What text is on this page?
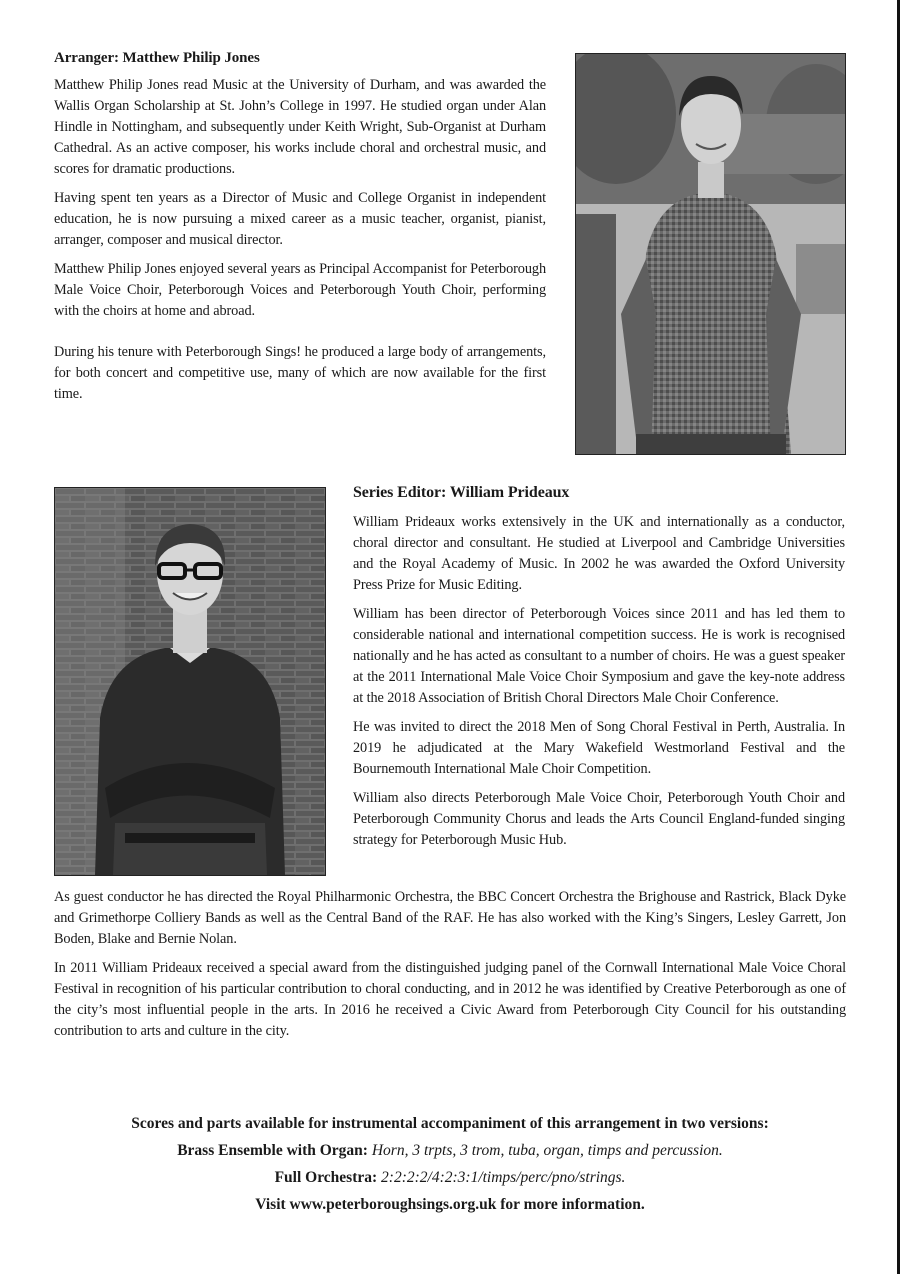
Arranger: Matthew Philip Jones

Matthew Philip Jones read Music at the University of Durham, and was awarded the Wallis Organ Scholarship at St. John’s College in 1997. He studied organ under Alan Hindle in Nottingham, and subsequently under Keith Wright, Sub-Organist at Durham Cathedral. As an active composer, his works include choral and orchestral music, and scores for dramatic productions.

Having spent ten years as a Director of Music and College Organist in independent education, he is now pursuing a mixed career as a music teacher, organist, pianist, arranger, composer and musical director.

Matthew Philip Jones enjoyed several years as Principal Accompanist for Peterborough Male Voice Choir, Peterborough Voices and Peterborough Youth Choir, performing with the choirs at home and abroad.

During his tenure with Peterborough Sings! he produced a large body of arrangements, for both concert and competitive use, many of which are now available for the first time.

Series Editor: William Prideaux

William Prideaux works extensively in the UK and internationally as a conductor, choral director and consultant. He studied at Liverpool and Cambridge Universities and the Royal Academy of Music. In 2002 he was awarded the Oxford University Press Prize for Music Editing.

William has been director of Peterborough Voices since 2011 and has led them to considerable national and international competition success. He is work is recognised nationally and he has acted as consultant to a number of choirs. He was a guest speaker at the 2011 International Male Voice Choir Symposium and gave the key-note address at the 2018 Association of British Choral Directors Male Choir Conference.

He was invited to direct the 2018 Men of Song Choral Festival in Perth, Australia. In 2019 he adjudicated at the Mary Wakefield Westmorland Festival and the Bournemouth International Male Choir Competition.

William also directs Peterborough Male Voice Choir, Peterborough Youth Choir and Peterborough Community Chorus and leads the Arts Council England-funded singing strategy for Peterborough Music Hub.

As guest conductor he has directed the Royal Philharmonic Orchestra, the BBC Concert Orchestra the Brighouse and Rastrick, Black Dyke and Grimethorpe Colliery Bands as well as the Central Band of the RAF. He has also worked with the King’s Singers, Lesley Garrett, Jon Boden, Blake and Bernie Nolan.

In 2011 William Prideaux received a special award from the distinguished judging panel of the Cornwall International Male Voice Choral Festival in recognition of his particular contribution to choral conducting, and in 2012 he was identified by Creative Peterborough as one of the city’s most influential people in the arts. In 2016 he received a Civic Award from Peterborough City Council for his outstanding contribution to arts and culture in the city.

Scores and parts available for instrumental accompaniment of this arrangement in two versions:
Brass Ensemble with Organ: Horn, 3 trpts, 3 trom, tuba, organ, timps and percussion.
Full Orchestra: 2:2:2:2/4:2:3:1/timps/perc/pno/strings.
Visit www.peterboroughsings.org.uk for more information.
